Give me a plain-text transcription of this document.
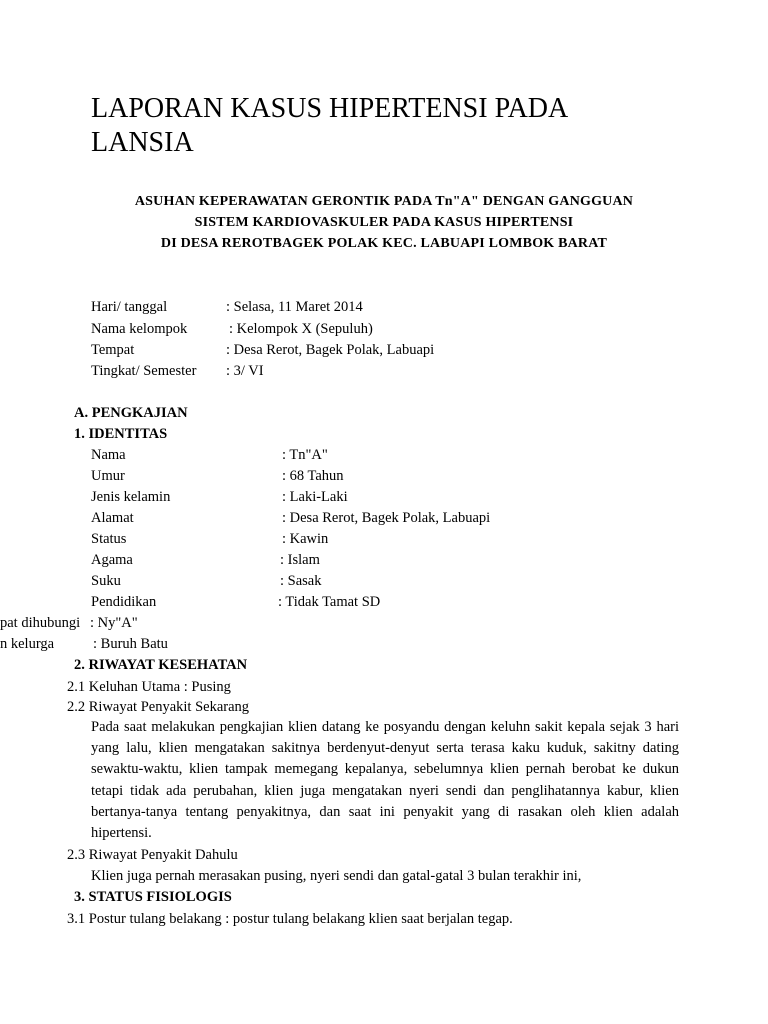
LAPORAN KASUS HIPERTENSI PADA
LANSIA
ASUHAN KEPERAWATAN GERONTIK PADA Tn"A" DENGAN GANGGUAN
SISTEM KARDIOVASKULER PADA KASUS HIPERTENSI
DI DESA REROTBAGEK POLAK KEC. LABUAPI LOMBOK BARAT
Hari/ tanggal	: Selasa, 11 Maret 2014
Nama kelompok	: Kelompok X (Sepuluh)
Tempat	: Desa Rerot, Bagek Polak, Labuapi
Tingkat/ Semester : 3/ VI
A. PENGKAJIAN
1. IDENTITAS
Nama	: Tn"A"
Umur	: 68 Tahun
Jenis kelamin	: Laki-Laki
Alamat	: Desa Rerot, Bagek Polak, Labuapi
Status	: Kawin
Agama	: Islam
Suku	: Sasak
Pendidikan	: Tidak Tamat SD
pat dihubungi : Ny"A"
n kelurga	: Buruh Batu
2. RIWAYAT KESEHATAN
2.1 Keluhan Utama : Pusing
2.2 Riwayat Penyakit Sekarang
Pada saat melakukan pengkajian klien datang ke posyandu dengan keluhn sakit kepala sejak 3 hari yang lalu, klien mengatakan sakitnya berdenyut-denyut serta terasa kaku kuduk, sakitny dating sewaktu-waktu, klien tampak memegang kepalanya, sebelumnya klien pernah berobat ke dukun tetapi tidak ada perubahan, klien juga mengatakan nyeri sendi dan penglihatannya kabur, klien bertanya-tanya tentang penyakitnya, dan saat ini penyakit yang di rasakan oleh klien adalah hipertensi.
2.3 Riwayat Penyakit Dahulu
Klien juga pernah merasakan pusing, nyeri sendi dan gatal-gatal 3 bulan terakhir ini,
3. STATUS FISIOLOGIS
3.1 Postur tulang belakang : postur tulang belakang klien saat berjalan tegap.
